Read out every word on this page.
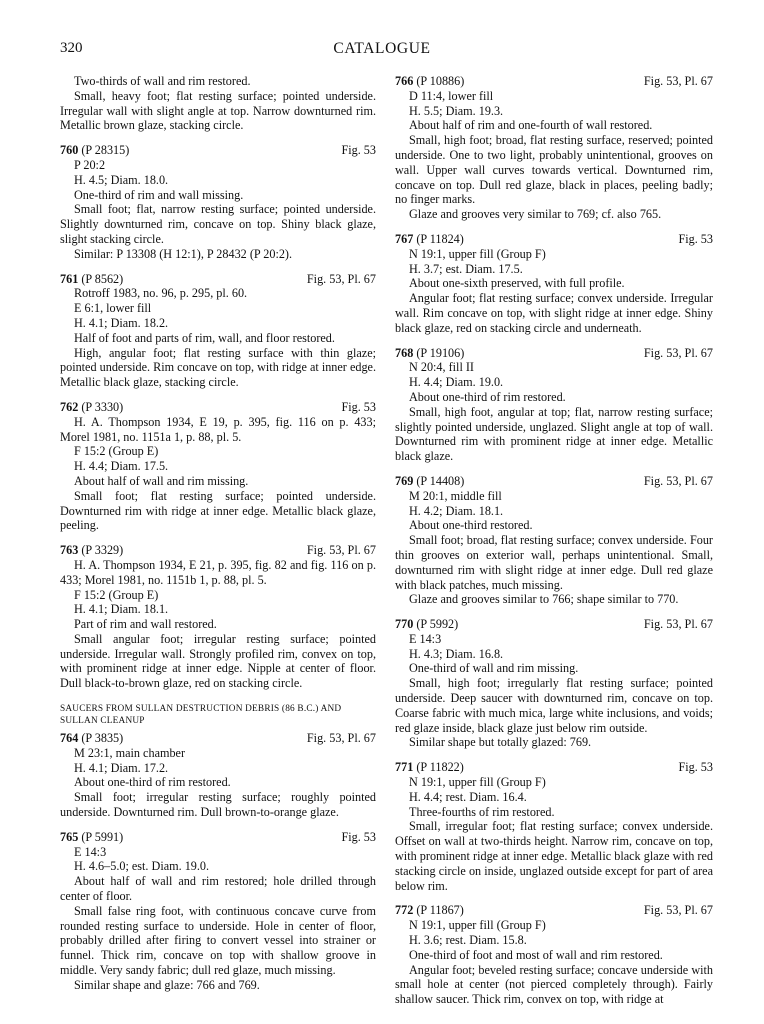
320	CATALOGUE

Two-thirds of wall and rim restored.

Small, heavy foot; flat resting surface; pointed underside. Irregular wall with slight angle at top. Narrow downturned rim. Metallic brown glaze, stacking circle.

760 (P 28315)	Fig. 53

P 20:2

H. 4.5; Diam. 18.0.

One-third of rim and wall missing.

Small foot; flat, narrow resting surface; pointed underside. Slightly downturned rim, concave on top. Shiny black glaze, slight stacking circle.

Similar: P 13308 (H 12:1), P 28432 (P 20:2).

761 (P 8562)	Fig. 53, Pl. 67

Rotroff 1983, no. 96, p. 295, pl. 60.

E 6:1, lower fill

H. 4.1; Diam. 18.2.

Half of foot and parts of rim, wall, and floor restored.

High, angular foot; flat resting surface with thin glaze; pointed underside. Rim concave on top, with ridge at inner edge. Metallic black glaze, stacking circle.

762 (P 3330)	Fig. 53

H. A. Thompson 1934, E 19, p. 395, fig. 116 on p. 433; Morel 1981, no. 1151a 1, p. 88, pl. 5.

F 15:2 (Group E)

H. 4.4; Diam. 17.5.

About half of wall and rim missing.

Small foot; flat resting surface; pointed underside. Downturned rim with ridge at inner edge. Metallic black glaze, peeling.

763 (P 3329)	Fig. 53, Pl. 67

H. A. Thompson 1934, E 21, p. 395, fig. 82 and fig. 116 on p. 433; Morel 1981, no. 1151b 1, p. 88, pl. 5.

F 15:2 (Group E)

H. 4.1; Diam. 18.1.

Part of rim and wall restored.

Small angular foot; irregular resting surface; pointed underside. Irregular wall. Strongly profiled rim, convex on top, with prominent ridge at inner edge. Nipple at center of floor. Dull black-to-brown glaze, red on stacking circle.

SAUCERS FROM SULLAN DESTRUCTION DEBRIS (86 B.C.) AND SULLAN CLEANUP
764 (P 3835)	Fig. 53, Pl. 67

M 23:1, main chamber

H. 4.1; Diam. 17.2.

About one-third of rim restored.

Small foot; irregular resting surface; roughly pointed underside. Downturned rim. Dull brown-to-orange glaze.

765 (P 5991)	Fig. 53

E 14:3

H. 4.6–5.0; est. Diam. 19.0.

About half of wall and rim restored; hole drilled through center of floor.

Small false ring foot, with continuous concave curve from rounded resting surface to underside. Hole in center of floor, probably drilled after firing to convert vessel into strainer or funnel. Thick rim, concave on top with shallow groove in middle. Very sandy fabric; dull red glaze, much missing.

Similar shape and glaze: 766 and 769.

766 (P 10886)	Fig. 53, Pl. 67

D 11:4, lower fill

H. 5.5; Diam. 19.3.

About half of rim and one-fourth of wall restored.

Small, high foot; broad, flat resting surface, reserved; pointed underside. One to two light, probably unintentional, grooves on wall. Upper wall curves towards vertical. Downturned rim, concave on top. Dull red glaze, black in places, peeling badly; no finger marks.

Glaze and grooves very similar to 769; cf. also 765.

767 (P 11824)	Fig. 53

N 19:1, upper fill (Group F)

H. 3.7; est. Diam. 17.5.

About one-sixth preserved, with full profile.

Angular foot; flat resting surface; convex underside. Irregular wall. Rim concave on top, with slight ridge at inner edge. Shiny black glaze, red on stacking circle and underneath.

768 (P 19106)	Fig. 53, Pl. 67

N 20:4, fill II

H. 4.4; Diam. 19.0.

About one-third of rim restored.

Small, high foot, angular at top; flat, narrow resting surface; slightly pointed underside, unglazed. Slight angle at top of wall. Downturned rim with prominent ridge at inner edge. Metallic black glaze.

769 (P 14408)	Fig. 53, Pl. 67

M 20:1, middle fill

H. 4.2; Diam. 18.1.

About one-third restored.

Small foot; broad, flat resting surface; convex underside. Four thin grooves on exterior wall, perhaps unintentional. Small, downturned rim with slight ridge at inner edge. Dull red glaze with black patches, much missing.

Glaze and grooves similar to 766; shape similar to 770.

770 (P 5992)	Fig. 53, Pl. 67

E 14:3

H. 4.3; Diam. 16.8.

One-third of wall and rim missing.

Small, high foot; irregularly flat resting surface; pointed underside. Deep saucer with downturned rim, concave on top. Coarse fabric with much mica, large white inclusions, and voids; red glaze inside, black glaze just below rim outside.

Similar shape but totally glazed: 769.

771 (P 11822)	Fig. 53

N 19:1, upper fill (Group F)

H. 4.4; rest. Diam. 16.4.

Three-fourths of rim restored.

Small, irregular foot; flat resting surface; convex underside. Offset on wall at two-thirds height. Narrow rim, concave on top, with prominent ridge at inner edge. Metallic black glaze with red stacking circle on inside, unglazed outside except for part of area below rim.

772 (P 11867)	Fig. 53, Pl. 67

N 19:1, upper fill (Group F)

H. 3.6; rest. Diam. 15.8.

One-third of foot and most of wall and rim restored.

Angular foot; beveled resting surface; concave underside with small hole at center (not pierced completely through). Fairly shallow saucer. Thick rim, convex on top, with ridge at
